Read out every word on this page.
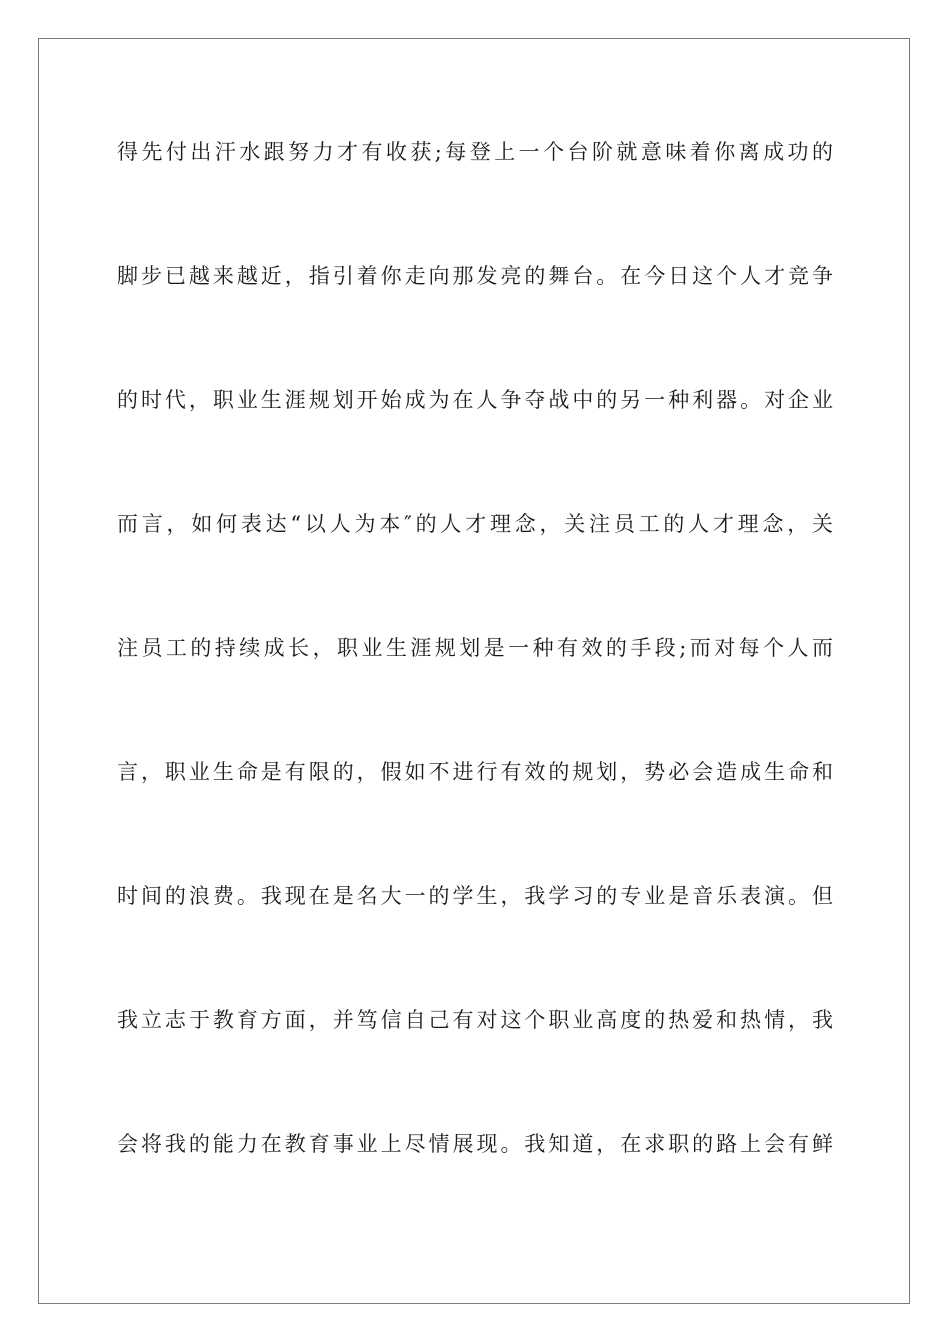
得先付出汗水跟努力才有收获;每登上一个台阶就意味着你离成功的
脚步已越来越近，指引着你走向那发亮的舞台。在今日这个人才竞争
的时代，职业生涯规划开始成为在人争夺战中的另一种利器。对企业
而言，如何表达“以人为本″的人才理念，关注员工的人才理念，关
注员工的持续成长，职业生涯规划是一种有效的手段;而对每个人而
言，职业生命是有限的，假如不进行有效的规划，势必会造成生命和
时间的浪费。我现在是名大一的学生，我学习的专业是音乐表演。但
我立志于教育方面，并笃信自己有对这个职业高度的热爱和热情，我
会将我的能力在教育事业上尽情展现。我知道，在求职的路上会有鲜
